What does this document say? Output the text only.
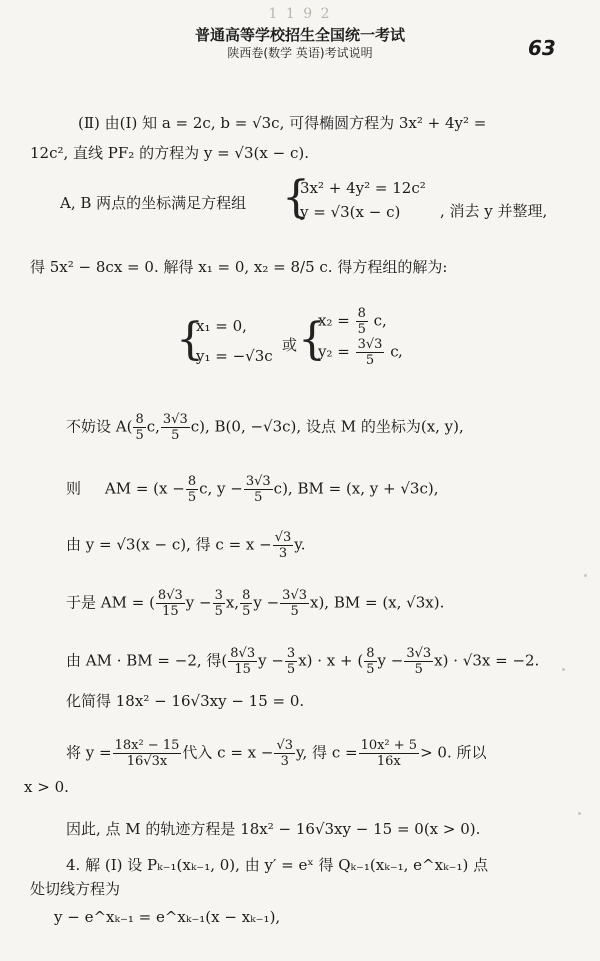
1 1 9 2
普通高等学校招生全国统一考试
陕西卷(数学 英语)考试说明	63
(Ⅱ) 由(Ⅰ) 知 a = 2c, b = √3c, 可得椭圆方程为 3x² + 4y² =
12c², 直线 PF₂ 的方程为 y = √3(x − c).
A, B 两点的坐标满足方程组 {
3x² + 4y² = 12c²
y = √3(x − c)	, 消去 y 并整理,
得 5x² − 8cx = 0. 解得 x₁ = 0, x₂ = 8/5 c. 得方程组的解为:
{
x₁ = 0,
y₁ = −√3c
或 {
$x_2 = \frac{8}{5} c$,
$y_2 = \frac{3√3}{5}$ c ,
不妨设 $A( \frac{8}{5} c$, $\frac{3√3}{5} c$), B(0, −√3c), 设点 M 的坐标为(x, y),
则 AM = ($x - \frac{8}{5} c$, $y - \frac{3√3}{5} c$), BM = (x, y + √3c),
由 y = √3(x − c), 得 $c = x - \frac{√3}{3} y$.
于是 AM = ( $\frac{8√3}{15}$ $y - \frac{3}{5} x$, $\frac{8}{5}$ $y - \frac{3√3}{5} x$), BM = (x, √3x).
由 AM · BM = −2, 得( $\frac{8√3}{15}$ $y - \frac{3}{5} x) \cdot x$ + ( $\frac{8}{5}$ $y - \frac{3√3}{5} x) \cdot √3x = -2$.
化简得 18x² − 16√3xy − 15 = 0.
将 $y = \frac{\text{18x² − 15}}{16√3x}$ 代入 $c = x - \frac{√3}{3} y$, 得 $c = \frac{\text{10x² + 5}}{16x} > 0$. 所以
x > 0.
因此, 点 M 的轨迹方程是 18x² − 16√3xy − 15 = 0(x > 0).
4. 解 (Ⅰ) 设 Pₖ₋₁(xₖ₋₁, 0), 由 y′ = eˣ 得 Qₖ₋₁(xₖ₋₁, e^xₖ₋₁) 点
处切线方程为
y − e^xₖ₋₁ = e^xₖ₋₁(x − xₖ₋₁),
